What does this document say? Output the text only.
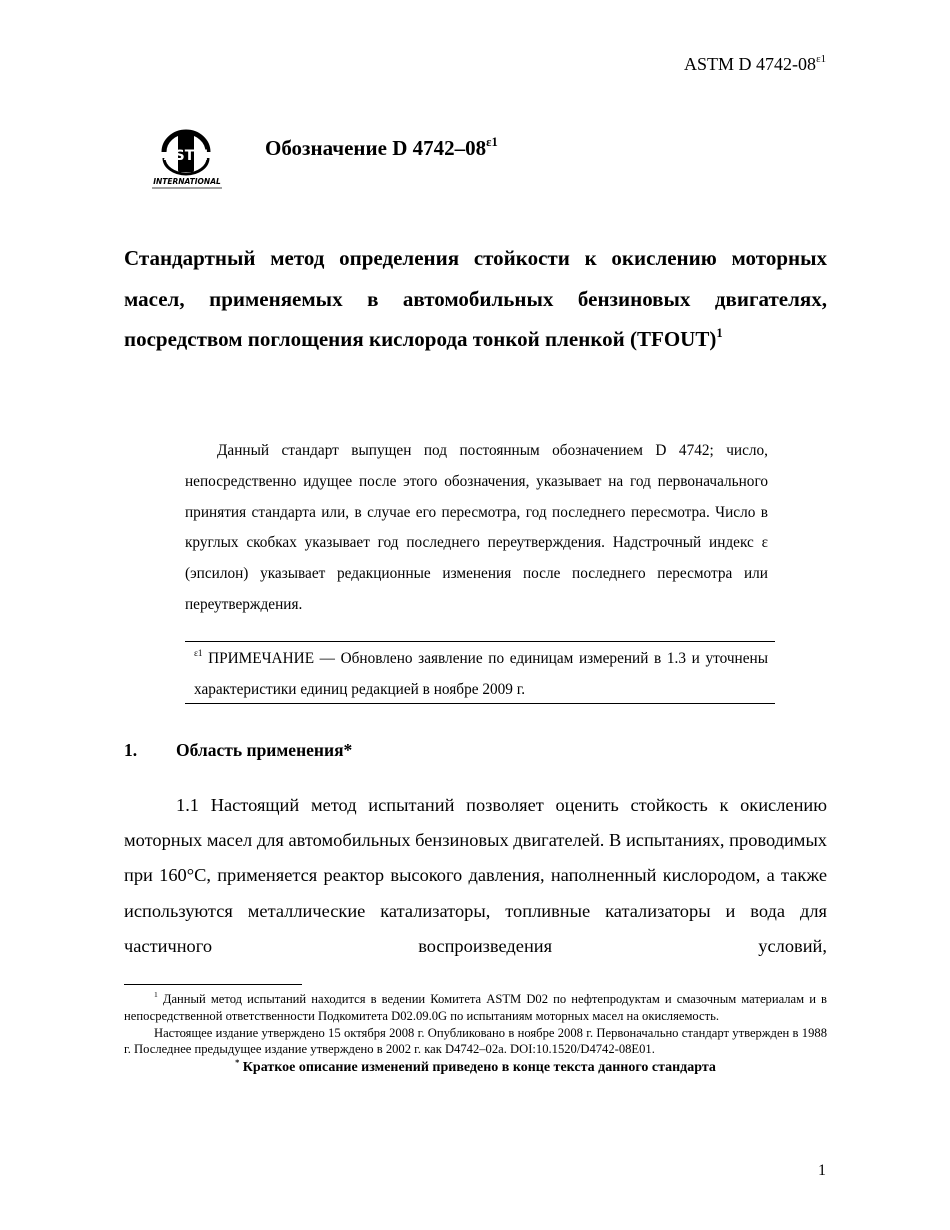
ASTM D $4742-08^{\varepsilon 1}$
ASTM
INTERNATIONAL
Обозначение D $4742-08^{\varepsilon 1}$
Стандартный метод определения стойкости к окислению моторных масел, применяемых в автомобильных бензиновых двигателях, посредством поглощения кислорода тонкой пленкой (TFOUT)$^1$

Данный стандарт выпущен под постоянным обозначением D 4742; число, непосредственно идущее после этого обозначения, указывает на год первоначального принятия стандарта или, в случае его пересмотра, год последнего пересмотра. Число в круглых скобках указывает год последнего переутверждения. Надстрочный индекс ε (эпсилон) указывает редакционные изменения после последнего пересмотра или переутверждения.

$^{\varepsilon 1}$ ПРИМЕЧАНИЕ — Обновлено заявление по единицам измерений в 1.3 и уточнены характеристики единиц редакцией в ноябре 2009 г.
1. Область применения*

1.1 Настоящий метод испытаний позволяет оценить стойкость к окислению моторных масел для автомобильных бензиновых двигателей. В испытаниях, проводимых при 160°C, применяется реактор высокого давления, наполненный кислородом, а также используются металлические катализаторы, топливные катализаторы и вода для частичного воспроизведения условий,

$^1$ Данный метод испытаний находится в ведении Комитета ASTM D02 по нефтепродуктам и смазочным материалам и в непосредственной ответственности Подкомитета D02.09.0G по испытаниям моторных масел на окисляемость.

Настоящее издание утверждено 15 октября 2008 г. Опубликовано в ноябре 2008 г. Первоначально стандарт утвержден в 1988 г. Последнее предыдущее издание утверждено в 2002 г. как D4742–02a. DOI:10.1520/D4742-08E01.

* Краткое описание изменений приведено в конце текста данного стандарта

1
